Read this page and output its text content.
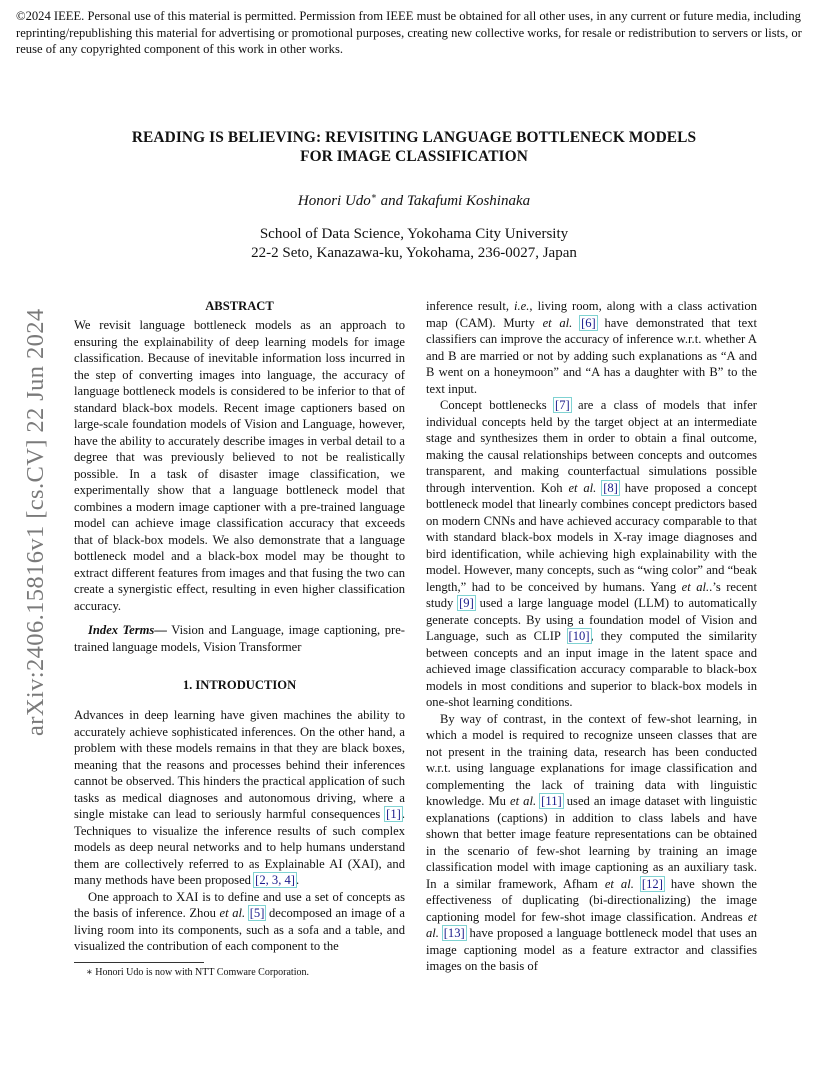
©2024 IEEE. Personal use of this material is permitted. Permission from IEEE must be obtained for all other uses, in any current or future media, including reprinting/republishing this material for advertising or promotional purposes, creating new collective works, for resale or redistribution to servers or lists, or reuse of any copyrighted component of this work in other works.
READING IS BELIEVING: REVISITING LANGUAGE BOTTLENECK MODELS
FOR IMAGE CLASSIFICATION
Honori Udo∗ and Takafumi Koshinaka
School of Data Science, Yokohama City University
22-2 Seto, Kanazawa-ku, Yokohama, 236-0027, Japan
arXiv:2406.15816v1 [cs.CV] 22 Jun 2024
ABSTRACT

We revisit language bottleneck models as an approach to ensuring the explainability of deep learning models for image classification. Because of inevitable information loss incurred in the step of converting images into language, the accuracy of language bottleneck models is considered to be inferior to that of standard black-box models. Recent image captioners based on large-scale foundation models of Vision and Language, however, have the ability to accurately describe images in verbal detail to a degree that was previously believed to not be realistically possible. In a task of disaster image classification, we experimentally show that a language bottleneck model that combines a modern image captioner with a pre-trained language model can achieve image classification accuracy that exceeds that of black-box models. We also demonstrate that a language bottleneck model and a black-box model may be thought to extract different features from images and that fusing the two can create a synergistic effect, resulting in even higher classification accuracy.

Index Terms— Vision and Language, image captioning, pre-trained language models, Vision Transformer

1. INTRODUCTION

Advances in deep learning have given machines the ability to accurately achieve sophisticated inferences. On the other hand, a problem with these models remains in that they are black boxes, meaning that the reasons and processes behind their inferences cannot be observed. This hinders the practical application of such tasks as medical diagnoses and autonomous driving, where a single mistake can lead to seriously harmful consequences [1]. Techniques to visualize the inference results of such complex models as deep neural networks and to help humans understand them are collectively referred to as Explainable AI (XAI), and many methods have been proposed [2, 3, 4].

One approach to XAI is to define and use a set of concepts as the basis of inference. Zhou et al. [5] decomposed an image of a living room into its components, such as a sofa and a table, and visualized the contribution of each component to the

∗ Honori Udo is now with NTT Comware Corporation.

inference result, i.e., living room, along with a class activation map (CAM). Murty et al. [6] have demonstrated that text classifiers can improve the accuracy of inference w.r.t. whether A and B are married or not by adding such explanations as “A and B went on a honeymoon” and “A has a daughter with B” to the text input.

Concept bottlenecks [7] are a class of models that infer individual concepts held by the target object at an intermediate stage and synthesizes them in order to obtain a final outcome, making the causal relationships between concepts and outcomes transparent, and making counterfactual simulations possible through intervention. Koh et al. [8] have proposed a concept bottleneck model that linearly combines concept predictors based on modern CNNs and have achieved accuracy comparable to that with standard black-box models in X-ray image diagnoses and bird identification, while achieving high explainability with the model. However, many concepts, such as “wing color” and “beak length,” had to be conceived by humans. Yang et al..’s recent study [9] used a large language model (LLM) to automatically generate concepts. By using a foundation model of Vision and Language, such as CLIP [10], they computed the similarity between concepts and an input image in the latent space and achieved image classification accuracy comparable to black-box models in most conditions and superior to black-box models in one-shot learning conditions.

By way of contrast, in the context of few-shot learning, in which a model is required to recognize unseen classes that are not present in the training data, research has been conducted w.r.t. using language explanations for image classification and complementing the lack of training data with linguistic knowledge. Mu et al. [11] used an image dataset with linguistic explanations (captions) in addition to class labels and have shown that better image feature representations can be obtained in the scenario of few-shot learning by training an image classification model with image captioning as an auxiliary task. In a similar framework, Afham et al. [12] have shown the effectiveness of duplicating (bi-directionalizing) the image captioning model for few-shot image classification. Andreas et al. [13] have proposed a language bottleneck model that uses an image captioning model as a feature extractor and classifies images on the basis of
